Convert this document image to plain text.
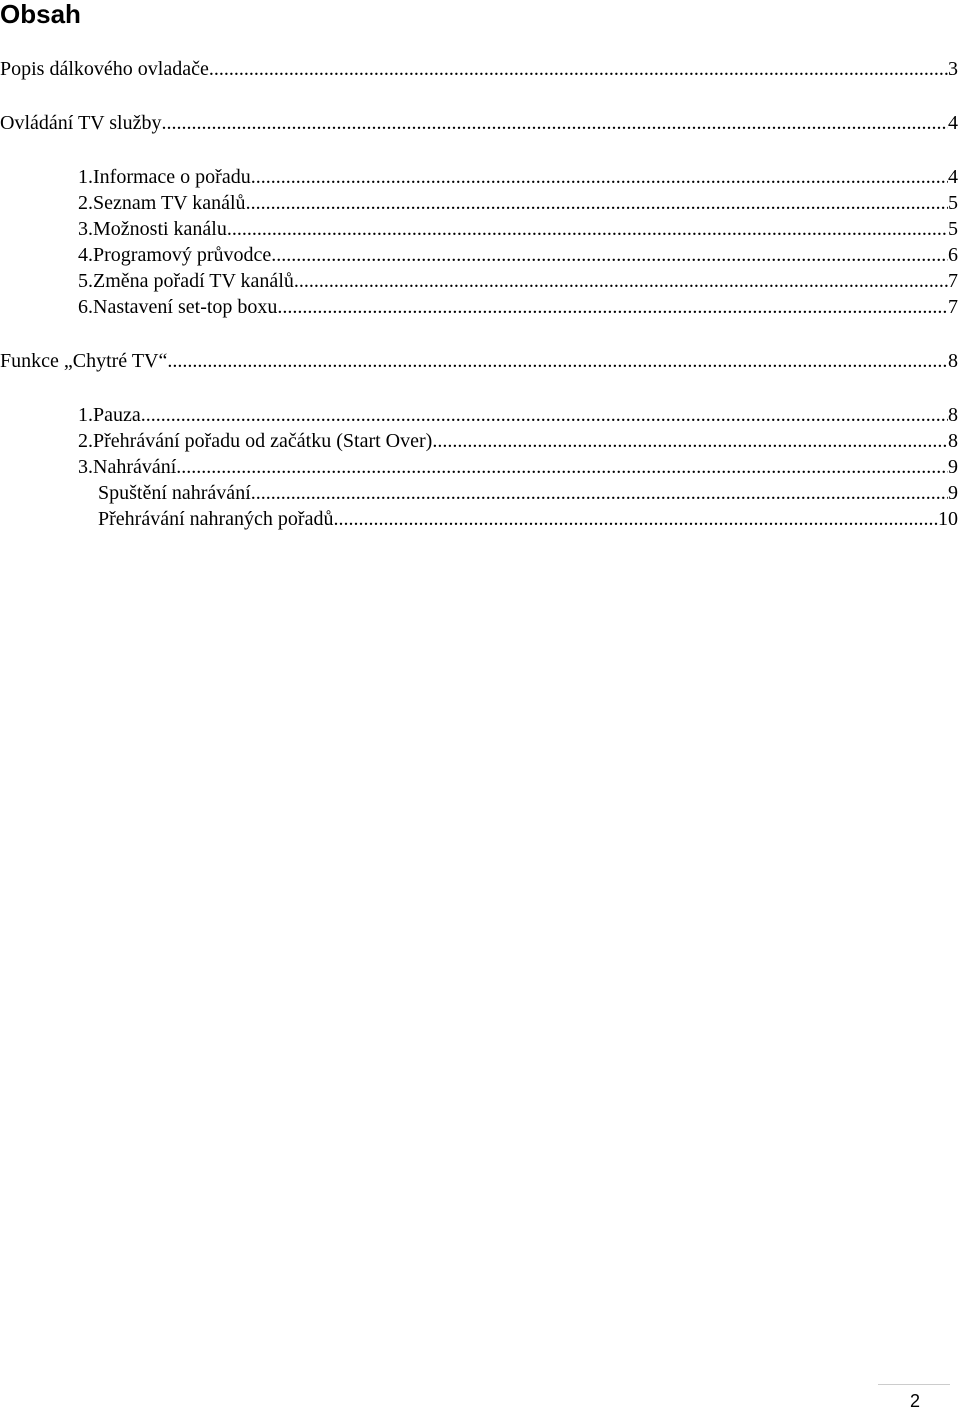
Obsah
Popis dálkového ovladače .....	3
Ovládání TV služby .....	4
1. Informace o pořadu .....	4
2. Seznam TV kanálů .....	5
3. Možnosti kanálu .....	5
4. Programový průvodce .....	6
5. Změna pořadí TV kanálů .....	7
6. Nastavení set-top boxu .....	7
Funkce „Chytré TV“ .....	8
1. Pauza .....	8
2. Přehrávání pořadu od začátku (Start Over) .....	8
3. Nahrávání .....	9
Spuštění nahrávání .....	9
Přehrávání nahraných pořadů .....	10
2
